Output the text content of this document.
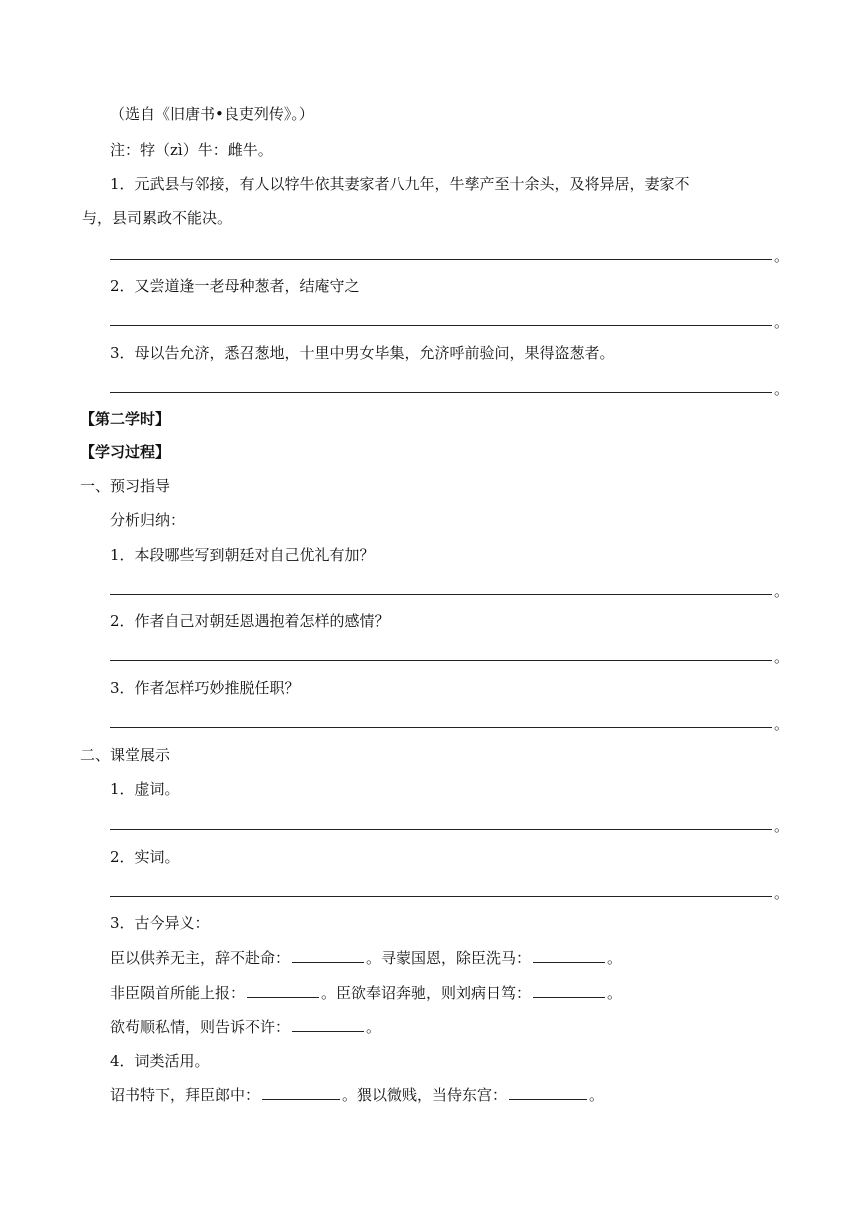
（选自《旧唐书•良吏列传》。）
注：牸（zì）牛：雌牛。
1．元武县与邻接，有人以牸牛依其妻家者八九年，牛孳产至十余头，及将异居，妻家不
与，县司累政不能决。
。
2．又尝道逢一老母种葱者，结庵守之
。
3．母以告允济，悉召葱地，十里中男女毕集，允济呼前验问，果得盗葱者。
。
【第二学时】
【学习过程】
一、预习指导
分析归纳：
1．本段哪些写到朝廷对自己优礼有加？
。
2．作者自己对朝廷恩遇抱着怎样的感情？
。
3．作者怎样巧妙推脱任职？
。
二、课堂展示
1．虚词。
。
2．实词。
。
3．古今异义：
臣以供养无主，辞不赴命：	。寻蒙国恩，除臣洗马：	。
非臣陨首所能上报：	。臣欲奉诏奔驰，则刘病日笃：	。
欲苟顺私情，则告诉不许：	。
4．词类活用。
诏书特下，拜臣郎中：	。猥以微贱，当侍东宫：	。
